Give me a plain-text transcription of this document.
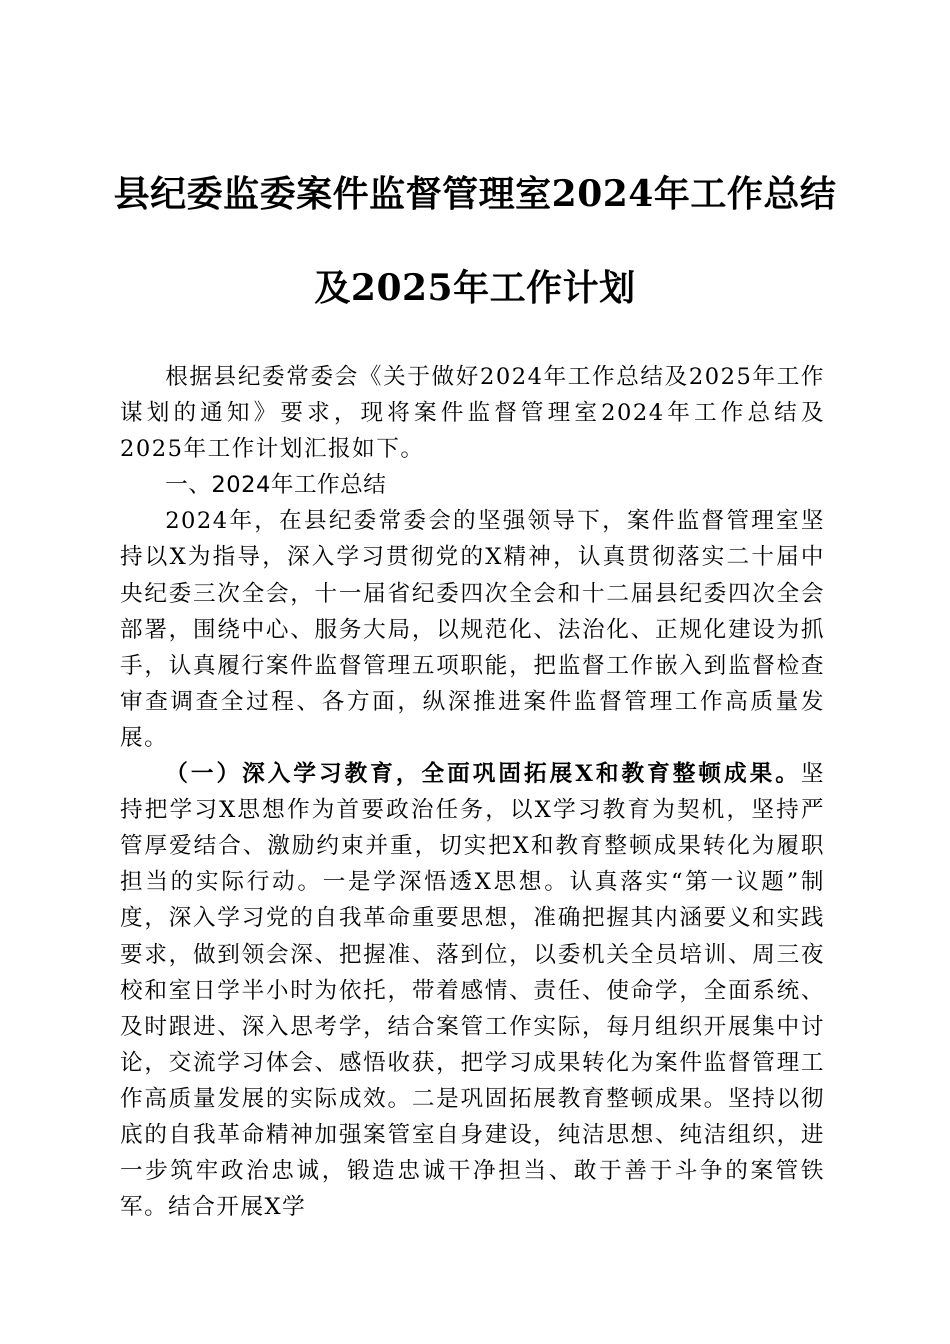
县纪委监委案件监督管理室2024年工作总结
及2025年工作计划

根据县纪委常委会《关于做好2024年工作总结及2025年工作谋划的通知》要求，现将案件监督管理室2024年工作总结及2025年工作计划汇报如下。

一、2024年工作总结

2024年，在县纪委常委会的坚强领导下，案件监督管理室坚持以X为指导，深入学习贯彻党的X精神，认真贯彻落实二十届中央纪委三次全会，十一届省纪委四次全会和十二届县纪委四次全会部署，围绕中心、服务大局，以规范化、法治化、正规化建设为抓手，认真履行案件监督管理五项职能，把监督工作嵌入到监督检查审查调查全过程、各方面，纵深推进案件监督管理工作高质量发展。

（一）深入学习教育，全面巩固拓展X和教育整顿成果。坚持把学习X思想作为首要政治任务，以X学习教育为契机，坚持严管厚爱结合、激励约束并重，切实把X和教育整顿成果转化为履职担当的实际行动。一是学深悟透X思想。认真落实“第一议题”制度，深入学习党的自我革命重要思想，准确把握其内涵要义和实践要求，做到领会深、把握准、落到位，以委机关全员培训、周三夜校和室日学半小时为依托，带着感情、责任、使命学，全面系统、及时跟进、深入思考学，结合案管工作实际，每月组织开展集中讨论，交流学习体会、感悟收获，把学习成果转化为案件监督管理工作高质量发展的实际成效。二是巩固拓展教育整顿成果。坚持以彻底的自我革命精神加强案管室自身建设，纯洁思想、纯洁组织，进一步筑牢政治忠诚，锻造忠诚干净担当、敢于善于斗争的案管铁军。结合开展X学
